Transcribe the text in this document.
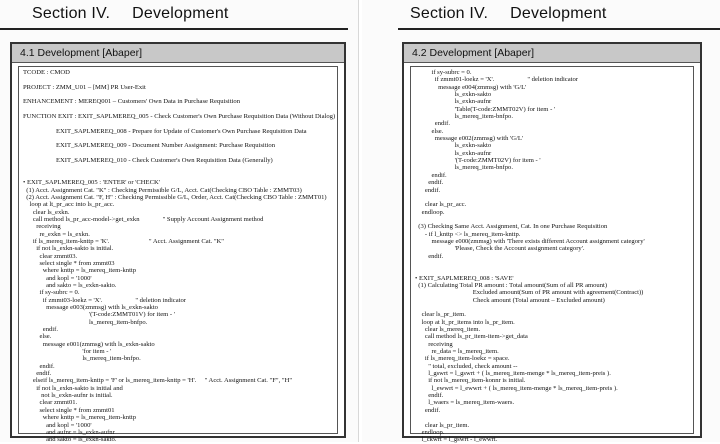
Section IV. Development
4.1 Development [Abaper]
TCODE : CMOD
PROJECT : ZMM_U01 – [MM] PR User-Exit
ENHANCEMENT : MEREQ001 – Customers' Own Data in Purchase Requisition
FUNCTION EXIT : EXIT_SAPLMEREQ_005 - Check Customer's Own Purchase Requisition Data (Without Dialog)
EXIT_SAPLMEREQ_008 - Prepare for Update of Customer's Own Purchase Requisition Data
EXIT_SAPLMEREQ_009 - Document Number Assignment: Purchase Requisition
EXIT_SAPLMEREQ_010 - Check Customer's Own Requisition Data (Generally)
• EXIT_SAPLMEREQ_005 : 'ENTER' or 'CHECK'
(1) Acct. Assignment Cat. "K" : Checking Permissible G/L, Acct. Cat(Checking CBO Table : ZMMT03)
(2) Acct. Assignment Cat. "F, H" : Checking Permissible G/L, Order, Acct. Cat(Checking CBO Table : ZMMT01)
loop at lt_pr_acc into ls_pr_acc.
clear ls_exkn.
call method ls_pr_acc-model->get_exkn              " Supply Account Assignment method
receiving
re_exkn = ls_exkn.
if ls_mereq_item-knttp = 'K'.                        " Acct. Assignment Cat. "K"
if not ls_exkn-sakto is initial.
clear zmmt03.
select single * from zmmt03
where knttp = ls_mereq_item-knttp
and kopl = '1000'
and sakto = ls_exkn-sakto.
if sy-subrc = 0.
if zmmt03-loekz = 'X'.                    " deletion indicator
message e003(zmmsg) with ls_exkn-sakto
'(T-code:ZMMT01V) for item - '
ls_mereq_item-bnfpo.
endif.
else.
message e001(zmmsg) with ls_exkn-sakto
'for item - '
ls_mereq_item-bnfpo.
endif.
endif.
elseif ls_mereq_item-knttp = 'F' or ls_mereq_item-knttp = 'H'.     " Acct. Assignment Cat. "F", "H"
if not ls_exkn-sakto is initial and
not ls_exkn-aufnr is initial.
clear zmmt01.
select single * from zmmt01
where knttp = ls_mereq_item-knttp
and kopl = '1000'
and aufnr = ls_exkn-aufnr
and sakto = ls_exkn-sakto.
Section IV. Development
4.2 Development [Abaper]
if sy-subrc = 0.
if zmmt01-loekz = 'X'.                    " deletion indicator
message e004(zmmsg) with 'G/L'
ls_exkn-sakto
ls_exkn-aufnr
'Table(T-code:ZMMT02V) for item - '
ls_mereq_item-bnfpo.
endif.
else.
message e002(zmmsg) with 'G/L'
ls_exkn-sakto
ls_exkn-aufnr
'(T-code:ZMMT02V) for item - '
ls_mereq_item-bnfpo.
endif.
endif.
endif.
clear ls_pr_acc.
endloop.
(3) Checking Same Acct. Assignment, Cat. In one Purchase Requisition
- if l_knttp <> ls_mereq_item-knttp.
message e000(zmmsg) with 'There exists different Account assignment category'
'Please, Check the Account assignment category'.
endif.
• EXIT_SAPLMEREQ_008 : 'SAVE'
(1) Calculating Total PR amount : Total amount(Sum of all PR amount)
Excluded amount(Sum of PR amount with agreement(Contract))
Check amount (Total amount – Excluded amount)
clear ls_pr_item.
loop at lt_pr_items into ls_pr_item.
clear ls_mereq_item.
call method ls_pr_item-item->get_data
receiving
re_data = ls_mereq_item.
if ls_mereq_item-loekz = space.
" total, excluded, check amount --
l_gswrt = l_gswrt + ( ls_mereq_item-menge * ls_mereq_item-preis ).
if not ls_mereq_item-konnr is initial.
l_ewwrt = l_ewwrt + ( ls_mereq_item-menge * ls_mereq_item-preis ).
endif.
l_waers = ls_mereq_item-waers.
endif.
clear ls_pr_item.
endloop.
l_ckwrt = l_gswrt - l_ewwrt.
